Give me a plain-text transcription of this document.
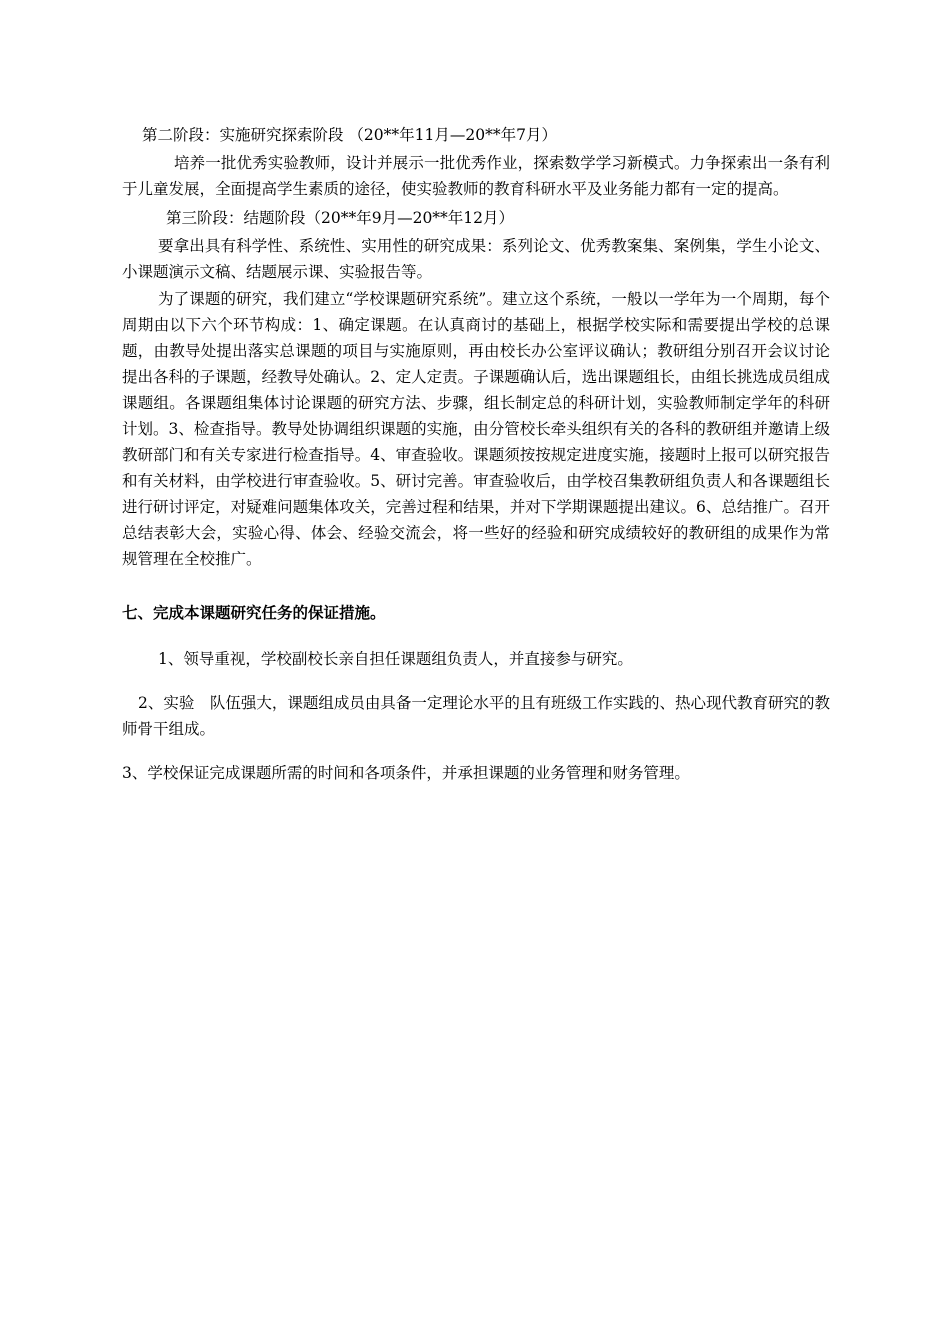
第二阶段：实施研究探索阶段 （20**年11月—20**年7月）

培养一批优秀实验教师，设计并展示一批优秀作业，探索数学学习新模式。力争探索出一条有利于儿童发展，全面提高学生素质的途径，使实验教师的教育科研水平及业务能力都有一定的提高。

第三阶段：结题阶段（20**年9月—20**年12月）

要拿出具有科学性、系统性、实用性的研究成果：系列论文、优秀教案集、案例集，学生小论文、小课题演示文稿、结题展示课、实验报告等。

为了课题的研究，我们建立“学校课题研究系统”。建立这个系统，一般以一学年为一个周期，每个周期由以下六个环节构成：1、确定课题。在认真商讨的基础上，根据学校实际和需要提出学校的总课题，由教导处提出落实总课题的项目与实施原则，再由校长办公室评议确认；教研组分别召开会议讨论提出各科的子课题，经教导处确认。2、定人定责。子课题确认后，选出课题组长，由组长挑选成员组成课题组。各课题组集体讨论课题的研究方法、步骤，组长制定总的科研计划，实验教师制定学年的科研计划。3、检查指导。教导处协调组织课题的实施，由分管校长牵头组织有关的各科的教研组并邀请上级教研部门和有关专家进行检查指导。4、审查验收。课题须按按规定进度实施，接题时上报可以研究报告和有关材料，由学校进行审查验收。5、研讨完善。审查验收后，由学校召集教研组负责人和各课题组长进行研讨评定，对疑难问题集体攻关，完善过程和结果，并对下学期课题提出建议。6、总结推广。召开总结表彰大会，实验心得、体会、经验交流会，将一些好的经验和研究成绩较好的教研组的成果作为常规管理在全校推广。

七、完成本课题研究任务的保证措施。

1、领导重视，学校副校长亲自担任课题组负责人，并直接参与研究。

2、实验　队伍强大，课题组成员由具备一定理论水平的且有班级工作实践的、热心现代教育研究的教师骨干组成。

3、学校保证完成课题所需的时间和各项条件，并承担课题的业务管理和财务管理。
